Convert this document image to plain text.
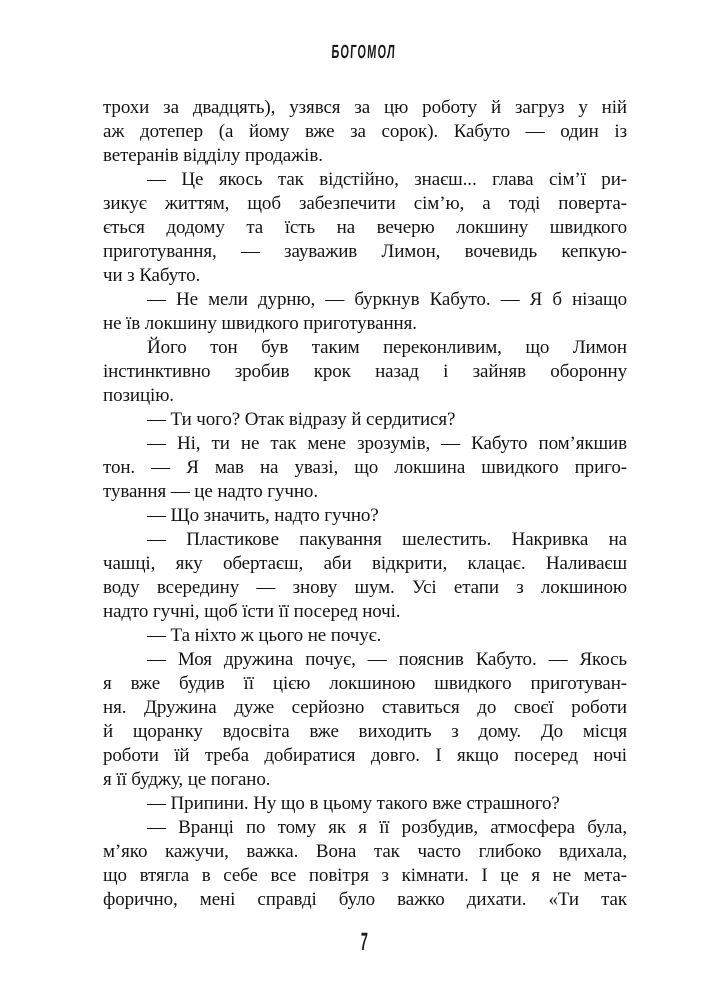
БОГОМОЛ
трохи за двадцять), узявся за цю роботу й загруз у ній
аж дотепер (а йому вже за сорок). Кабуто — один із
ветеранів відділу продажів.
— Це якось так відстійно, знаєш... глава сім’ї ри-
зикує життям, щоб забезпечити сім’ю, а тоді поверта-
ється додому та їсть на вечерю локшину швидкого
приготування, — зауважив Лимон, вочевидь кепкую-
чи з Кабуто.
— Не мели дурню, — буркнув Кабуто. — Я б нізащо
не їв локшину швидкого приготування.
Його тон був таким переконливим, що Лимон
інстинктивно зробив крок назад і зайняв оборонну
позицію.
— Ти чого? Отак відразу й сердитися?
— Ні, ти не так мене зрозумів, — Кабуто пом’якшив
тон. — Я мав на увазі, що локшина швидкого приго-
тування — це надто гучно.
— Що значить, надто гучно?
— Пластикове пакування шелестить. Накривка на
чашці, яку обертаєш, аби відкрити, клацає. Наливаєш
воду всередину — знову шум. Усі етапи з локшиною
надто гучні, щоб їсти її посеред ночі.
— Та ніхто ж цього не почує.
— Моя дружина почує, — пояснив Кабуто. — Якось
я вже будив її цією локшиною швидкого приготуван-
ня. Дружина дуже серйозно ставиться до своєї роботи
й щоранку вдосвіта вже виходить з дому. До місця
роботи їй треба добиратися довго. І якщо посеред ночі
я її буджу, це погано.
— Припини. Ну що в цьому такого вже страшного?
— Вранці по тому як я її розбудив, атмосфера була,
м’яко кажучи, важка. Вона так часто глибоко вдихала,
що втягла в себе все повітря з кімнати. І це я не мета-
форично, мені справді було важко дихати. «Ти так
7
